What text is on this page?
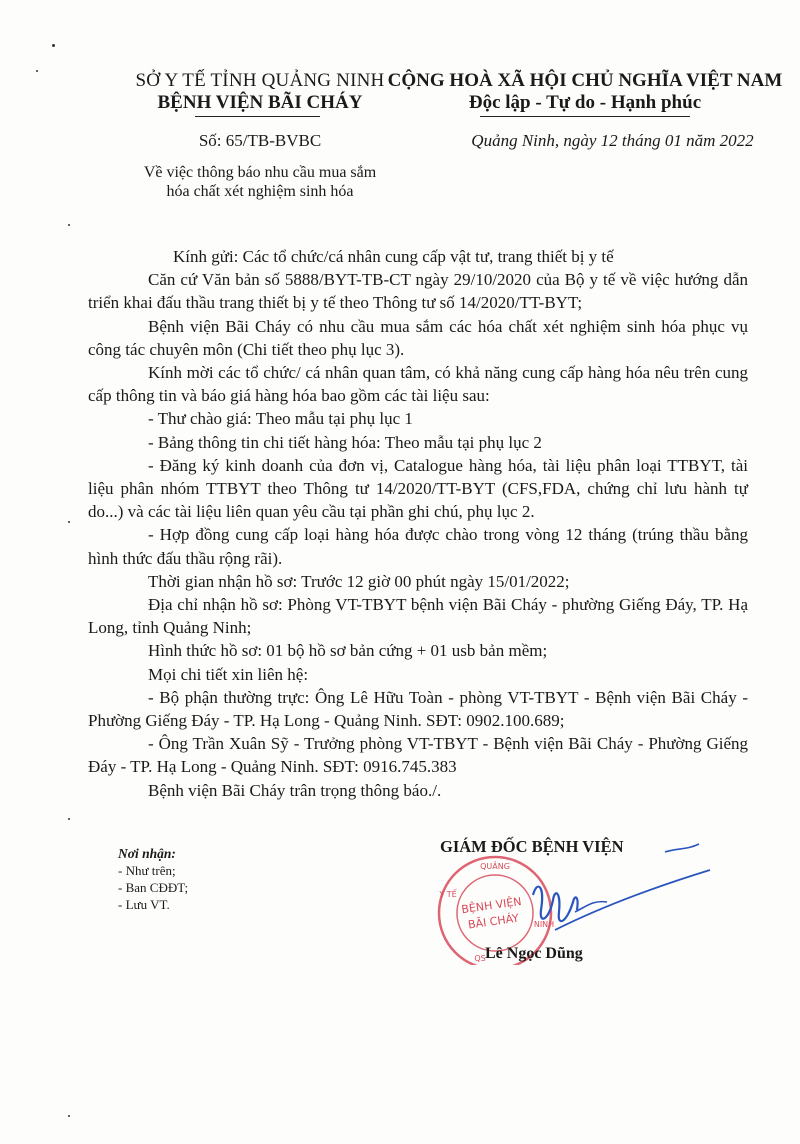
SỞ Y TẾ TỈNH QUẢNG NINH
BỆNH VIỆN BÃI CHÁY
CỘNG HOÀ XÃ HỘI CHỦ NGHĨA VIỆT NAM
Độc lập - Tự do - Hạnh phúc
Số: 65/TB-BVBC	Quảng Ninh, ngày 12 tháng 01 năm 2022
Về việc thông báo nhu cầu mua sắm
hóa chất xét nghiệm sinh hóa

Kính gửi: Các tổ chức/cá nhân cung cấp vật tư, trang thiết bị y tế

Căn cứ Văn bản số 5888/BYT-TB-CT ngày 29/10/2020 của Bộ y tế về việc hướng dẫn triển khai đấu thầu trang thiết bị y tế theo Thông tư số 14/2020/TT-BYT;

Bệnh viện Bãi Cháy có nhu cầu mua sắm các hóa chất xét nghiệm sinh hóa phục vụ công tác chuyên môn (Chi tiết theo phụ lục 3).

Kính mời các tổ chức/ cá nhân quan tâm, có khả năng cung cấp hàng hóa nêu trên cung cấp thông tin và báo giá hàng hóa bao gồm các tài liệu sau:

- Thư chào giá: Theo mẫu tại phụ lục 1

- Bảng thông tin chi tiết hàng hóa: Theo mẫu tại phụ lục 2

- Đăng ký kinh doanh của đơn vị, Catalogue hàng hóa, tài liệu phân loại TTBYT, tài liệu phân nhóm TTBYT theo Thông tư 14/2020/TT-BYT (CFS,FDA, chứng chỉ lưu hành tự do...) và các tài liệu liên quan yêu cầu tại phần ghi chú, phụ lục 2.

- Hợp đồng cung cấp loại hàng hóa được chào trong vòng 12 tháng (trúng thầu bằng hình thức đấu thầu rộng rãi).

Thời gian nhận hồ sơ: Trước 12 giờ 00 phút ngày 15/01/2022;

Địa chỉ nhận hồ sơ: Phòng VT-TBYT bệnh viện Bãi Cháy - phường Giếng Đáy, TP. Hạ Long, tỉnh Quảng Ninh;

Hình thức hồ sơ: 01 bộ hồ sơ bản cứng + 01 usb bản mềm;

Mọi chi tiết xin liên hệ:

- Bộ phận thường trực: Ông Lê Hữu Toàn - phòng VT-TBYT - Bệnh viện Bãi Cháy - Phường Giếng Đáy - TP. Hạ Long - Quảng Ninh. SĐT: 0902.100.689;

- Ông Trần Xuân Sỹ - Trưởng phòng VT-TBYT - Bệnh viện Bãi Cháy - Phường Giếng Đáy - TP. Hạ Long - Quảng Ninh. SĐT: 0916.745.383

Bệnh viện Bãi Cháy trân trọng thông báo./.

Nơi nhận:
- Như trên;
- Ban CĐĐT;
- Lưu VT.
GIÁM ĐỐC BỆNH VIỆN
QUẢNG
Y TẾ
NINH
QS
BỆNH VIỆN
BÃI CHÁY
Lê Ngọc Dũng
